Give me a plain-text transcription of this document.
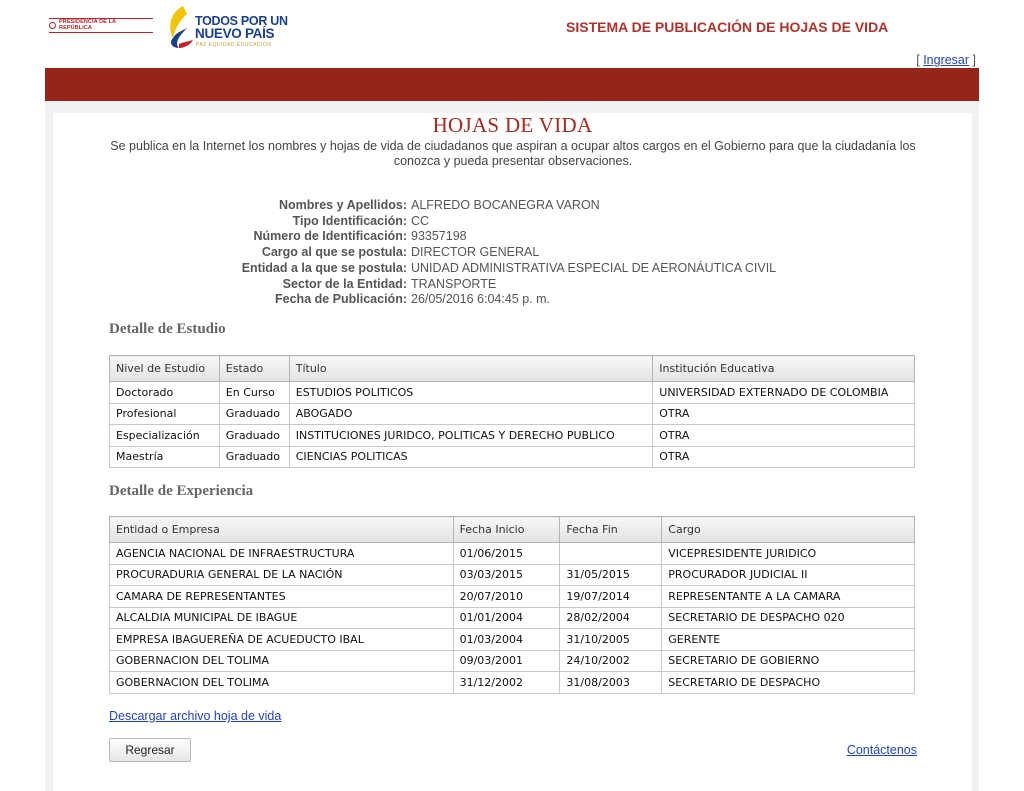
PRESIDENCIA DE LA REPÚBLICA	TODOS POR UN
NUEVO PAÍS
PAZ EQUIDAD EDUCACIÓN
SISTEMA DE PUBLICACIÓN DE HOJAS DE VIDA
[ Ingresar ]
HOJAS DE VIDA
Se publica en la Internet los nombres y hojas de vida de ciudadanos que aspiran a ocupar altos cargos en el Gobierno para que la ciudadanía los conozca y pueda presentar observaciones.
Nombres y Apellidos: ALFREDO BOCANEGRA VARON
Tipo Identificación: CC
Número de Identificación: 93357198
Cargo al que se postula: DIRECTOR GENERAL
Entidad a la que se postula: UNIDAD ADMINISTRATIVA ESPECIAL DE AERONÁUTICA CIVIL
Sector de la Entidad: TRANSPORTE
Fecha de Publicación: 26/05/2016 6:04:45 p. m.
Detalle de Estudio
Nivel de Estudio	Estado	Título	Institución Educativa
Doctorado	En Curso	ESTUDIOS POLITICOS	UNIVERSIDAD EXTERNADO DE COLOMBIA
Profesional	Graduado	ABOGADO	OTRA
Especialización	Graduado	INSTITUCIONES JURIDCO, POLITICAS Y DERECHO PUBLICO	OTRA
Maestría	Graduado	CIENCIAS POLITICAS	OTRA
Detalle de Experiencia
Entidad o Empresa	Fecha Inicio	Fecha Fin	Cargo
AGENCIA NACIONAL DE INFRAESTRUCTURA	01/06/2015		VICEPRESIDENTE JURIDICO
PROCURADURIA GENERAL DE LA NACIÓN	03/03/2015	31/05/2015	PROCURADOR JUDICIAL II
CAMARA DE REPRESENTANTES	20/07/2010	19/07/2014	REPRESENTANTE A LA CAMARA
ALCALDIA MUNICIPAL DE IBAGUE	01/01/2004	28/02/2004	SECRETARIO DE DESPACHO 020
EMPRESA IBAGUEREÑA DE ACUEDUCTO IBAL	01/03/2004	31/10/2005	GERENTE
GOBERNACION DEL TOLIMA	09/03/2001	24/10/2002	SECRETARIO DE GOBIERNO
GOBERNACION DEL TOLIMA	31/12/2002	31/08/2003	SECRETARIO DE DESPACHO
Descargar archivo hoja de vida
Regresar	Contáctenos
